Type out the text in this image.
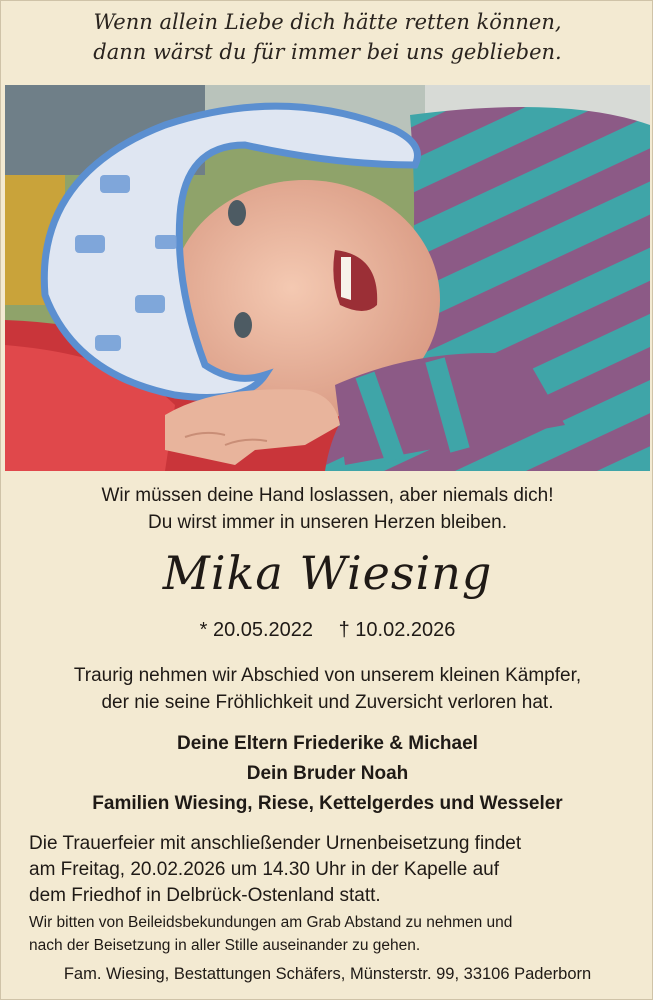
Wenn allein Liebe dich hätte retten können,
dann wärst du für immer bei uns geblieben.
Wir müssen deine Hand loslassen, aber niemals dich!
Du wirst immer in unseren Herzen bleiben.
Mika Wiesing
* 20.05.2022 † 10.02.2026
Traurig nehmen wir Abschied von unserem kleinen Kämpfer,
der nie seine Fröhlichkeit und Zuversicht verloren hat.
Deine Eltern Friederike & Michael
Dein Bruder Noah
Familien Wiesing, Riese, Kettelgerdes und Wesseler
Die Trauerfeier mit anschließender Urnenbeisetzung findet
am Freitag, 20.02.2026 um 14.30 Uhr in der Kapelle auf
dem Friedhof in Delbrück-Ostenland statt.
Wir bitten von Beileidsbekundungen am Grab Abstand zu nehmen und
nach der Beisetzung in aller Stille auseinander zu gehen.
Fam. Wiesing, Bestattungen Schäfers, Münsterstr. 99, 33106 Paderborn
